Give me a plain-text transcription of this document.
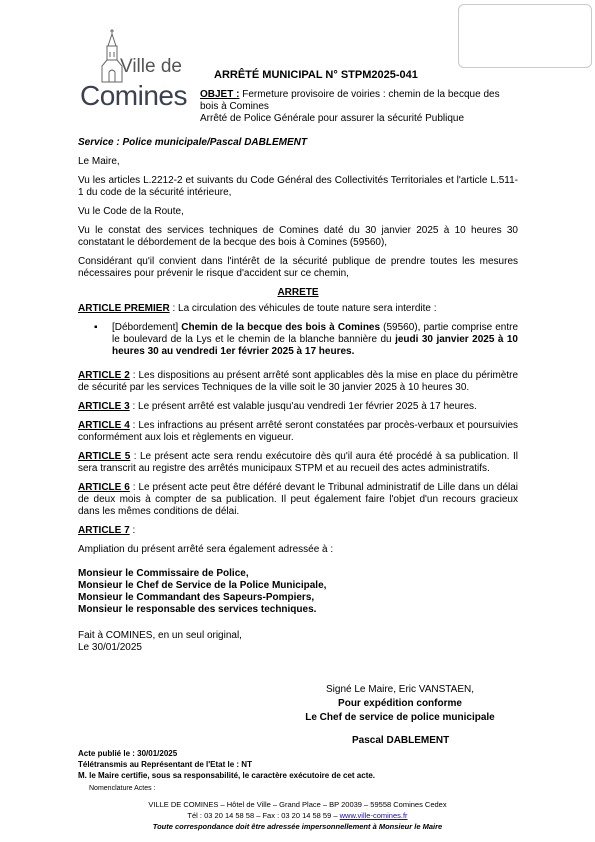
Ville de
Comines
ARRÊTÉ MUNICIPAL N° STPM2025-041
OBJET : Fermeture provisoire de voiries : chemin de la becque des bois à Comines
Arrêté de Police Générale pour assurer la sécurité Publique

Service : Police municipale/Pascal DABLEMENT

Le Maire,

Vu les articles L.2212-2 et suivants du Code Général des Collectivités Territoriales et l'article L.511-1 du code de la sécurité intérieure,

Vu le Code de la Route,

Vu le constat des services techniques de Comines daté du 30 janvier 2025 à 10 heures 30 constatant le débordement de la becque des bois à Comines (59560),

Considérant qu'il convient dans l'intérêt de la sécurité publique de prendre toutes les mesures nécessaires pour prévenir le risque d'accident sur ce chemin,

ARRETE

ARTICLE PREMIER : La circulation des véhicules de toute nature sera interdite :

▪	[Débordement] Chemin de la becque des bois à Comines (59560), partie comprise entre le boulevard de la Lys et le chemin de la blanche bannière du jeudi 30 janvier 2025 à 10 heures 30 au vendredi 1er février 2025 à 17 heures.

ARTICLE 2 : Les dispositions au présent arrêté sont applicables dès la mise en place du périmètre de sécurité par les services Techniques de la ville soit le 30 janvier 2025 à 10 heures 30.

ARTICLE 3 : Le présent arrêté est valable jusqu'au vendredi 1er février 2025 à 17 heures.

ARTICLE 4 : Les infractions au présent arrêté seront constatées par procès-verbaux et poursuivies conformément aux lois et règlements en vigueur.

ARTICLE 5 : Le présent acte sera rendu exécutoire dès qu'il aura été procédé à sa publication. Il sera transcrit au registre des arrêtés municipaux STPM et au recueil des actes administratifs.

ARTICLE 6 : Le présent acte peut être déféré devant le Tribunal administratif de Lille dans un délai de deux mois à compter de sa publication. Il peut également faire l'objet d'un recours gracieux dans les mêmes conditions de délai.

ARTICLE 7 :

Ampliation du présent arrêté sera également adressée à :

Monsieur le Commissaire de Police,
Monsieur le Chef de Service de la Police Municipale,
Monsieur le Commandant des Sapeurs-Pompiers,
Monsieur le responsable des services techniques.
Fait à COMINES, en un seul original,
Le 30/01/2025
Signé Le Maire, Eric VANSTAEN,
Pour expédition conforme
Le Chef de service de police municipale
Pascal DABLEMENT
Acte publié le : 30/01/2025
Télétransmis au Représentant de l'Etat le : NT
M. le Maire certifie, sous sa responsabilité, le caractère exécutoire de cet acte.
Nomenclature Actes :
VILLE DE COMINES – Hôtel de Ville – Grand Place – BP 20039 – 59558 Comines Cedex
Tél : 03 20 14 58 58 – Fax : 03 20 14 58 59 – www.ville-comines.fr
Toute correspondance doit être adressée impersonnellement à Monsieur le Maire
